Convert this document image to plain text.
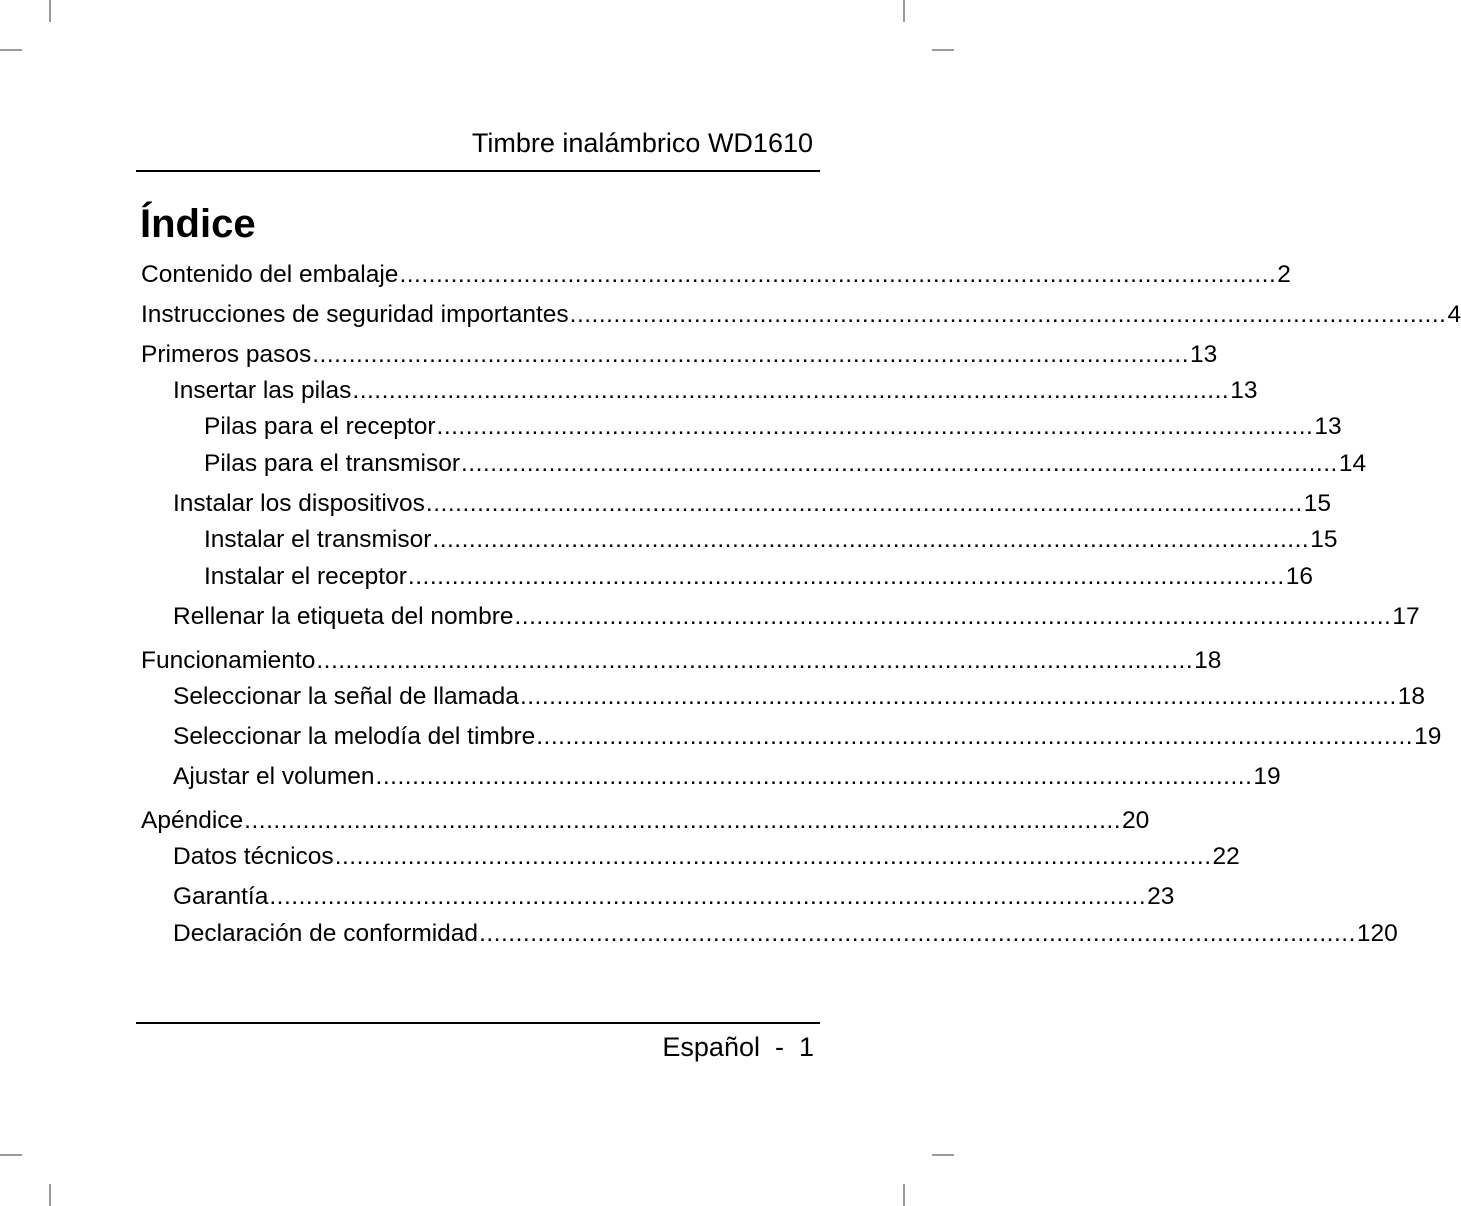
Timbre inalámbrico WD1610
Índice
Contenido del embalaje ........................................................................................................................ 2
Instrucciones de seguridad importantes ........................................................................................................................ 4
Primeros pasos ........................................................................................................................ 13
Insertar las pilas ........................................................................................................................ 13
Pilas para el receptor ........................................................................................................................ 13
Pilas para el transmisor ........................................................................................................................ 14
Instalar los dispositivos ........................................................................................................................ 15
Instalar el transmisor ........................................................................................................................ 15
Instalar el receptor ........................................................................................................................ 16
Rellenar la etiqueta del nombre ........................................................................................................................ 17
Funcionamiento ........................................................................................................................ 18
Seleccionar la señal de llamada ........................................................................................................................ 18
Seleccionar la melodía del timbre ........................................................................................................................ 19
Ajustar el volumen ........................................................................................................................ 19
Apéndice ........................................................................................................................ 20
Datos técnicos ........................................................................................................................ 22
Garantía ........................................................................................................................ 23
Declaración de conformidad ........................................................................................................................ 120
Español  -  1
